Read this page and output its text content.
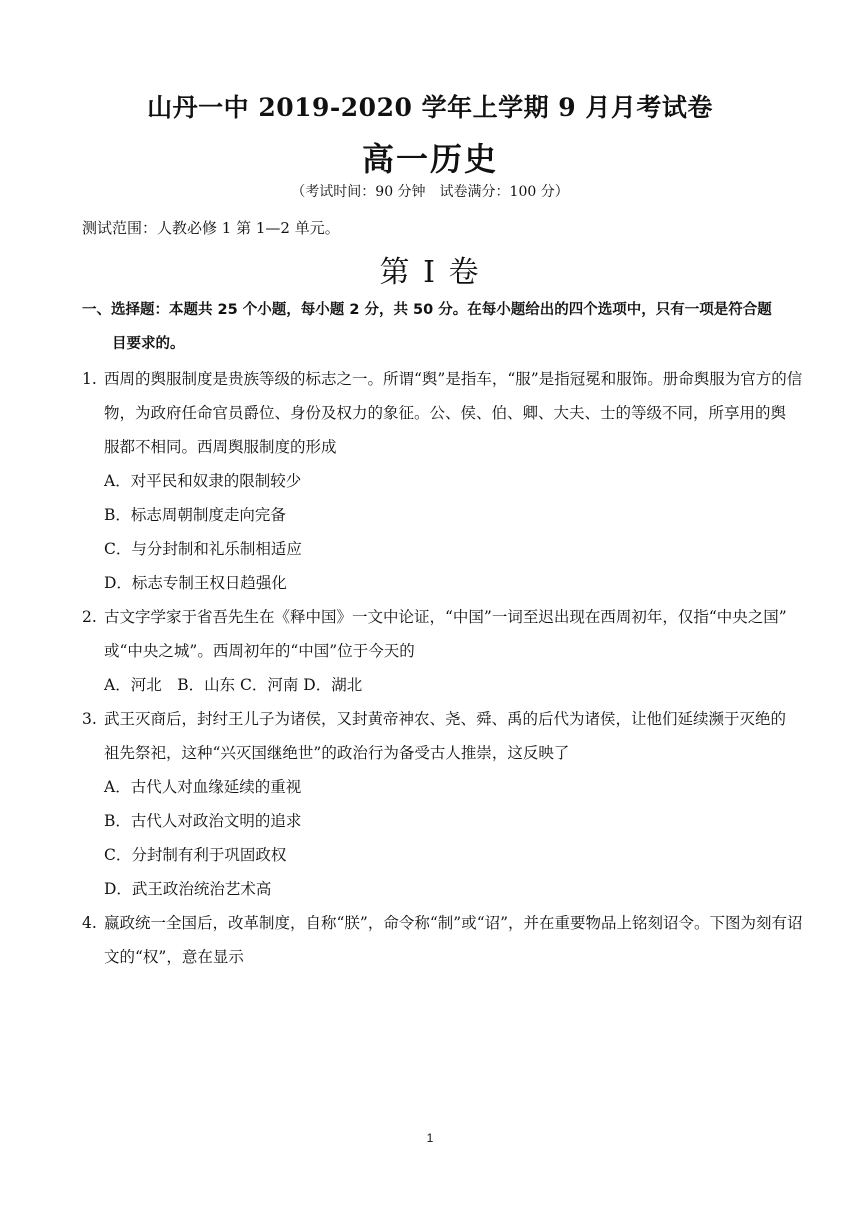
山丹一中 2019-2020 学年上学期 9 月月考试卷
高一历史
（考试时间：90 分钟　试卷满分：100 分）
测试范围：人教必修 1 第 1—2 单元。
第 I 卷
一、选择题：本题共 25 个小题，每小题 2 分，共 50 分。在每小题给出的四个选项中，只有一项是符合题
目要求的。
1. 西周的舆服制度是贵族等级的标志之一。所谓“舆”是指车，“服”是指冠冕和服饰。册命舆服为官方的信
物，为政府任命官员爵位、身份及权力的象征。公、侯、伯、卿、大夫、士的等级不同，所享用的舆
服都不相同。西周舆服制度的形成
A．对平民和奴隶的限制较少
B．标志周朝制度走向完备
C．与分封制和礼乐制相适应
D．标志专制王权日趋强化
2. 古文字学家于省吾先生在《释中国》一文中论证，“中国”一词至迟出现在西周初年，仅指“中央之国”
或“中央之城”。西周初年的“中国”位于今天的
A．河北　B．山东 C．河南 D．湖北
3. 武王灭商后，封纣王儿子为诸侯，又封黄帝神农、尧、舜、禹的后代为诸侯，让他们延续濒于灭绝的
祖先祭祀，这种“兴灭国继绝世”的政治行为备受古人推崇，这反映了
A．古代人对血缘延续的重视
B．古代人对政治文明的追求
C．分封制有利于巩固政权
D．武王政治统治艺术高
4. 嬴政统一全国后，改革制度，自称“朕”，命令称“制”或“诏”，并在重要物品上铭刻诏令。下图为刻有诏
文的“权”，意在显示
1
